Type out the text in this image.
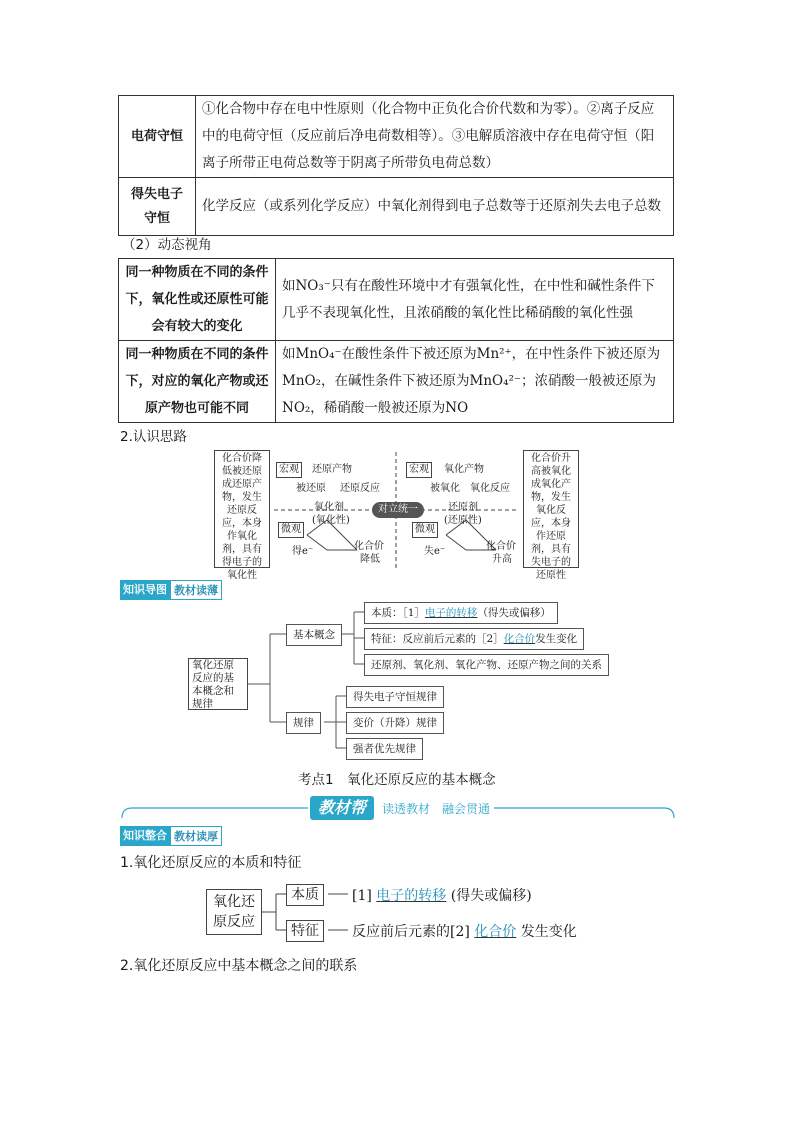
电荷守恒	①化合物中存在电中性原则（化合物中正负化合价代数和为零）。②离子反应中的电荷守恒（反应前后净电荷数相等）。③电解质溶液中存在电荷守恒（阳离子所带正电荷总数等于阴离子所带负电荷总数）
得失电子守恒	化学反应（或系列化学反应）中氧化剂得到电子总数等于还原剂失去电子总数
（2）动态视角
同一种物质在不同的条件下，氧化性或还原性可能会有较大的变化	如NO₃⁻只有在酸性环境中才有强氧化性，在中性和碱性条件下几乎不表现氧化性，且浓硝酸的氧化性比稀硝酸的氧化性强
同一种物质在不同的条件下，对应的氧化产物或还原产物也可能不同	如MnO₄⁻在酸性条件下被还原为Mn²⁺，在中性条件下被还原为MnO₂，在碱性条件下被还原为MnO₄²⁻；浓硝酸一般被还原为NO₂，稀硝酸一般被还原为NO
2.认识思路
化合价降低被还原成还原产物，发生还原反应，本身作氧化剂，具有得电子的氧化性
化合价升高被氧化成氧化产物，发生氧化反应，本身作还原剂，具有失电子的还原性
宏观	还原产物
被还原 还原反应
氧化剂
(氧化性)
微观
得e⁻	化合价
降低
对立统一
宏观	氧化产物
被氧化 氧化反应
还原剂
(还原性)
微观
失e⁻	化合价
升高
知识导图 教材读薄
氧化还原反应的基本概念和规律
基本概念
本质：［1］电子的转移（得失或偏移）
特征：反应前后元素的［2］化合价发生变化
还原剂、氧化剂、氧化产物、还原产物之间的关系
规律
得失电子守恒规律
变价（升降）规律
强者优先规律
考点1　氧化还原反应的基本概念
教材帮	读透教材　融会贯通
知识整合 教材读厚
1.氧化还原反应的本质和特征
氧化还
原反应
本质
特征
[1] 电子的转移 (得失或偏移)
反应前后元素的[2] 化合价 发生变化
2.氧化还原反应中基本概念之间的联系
